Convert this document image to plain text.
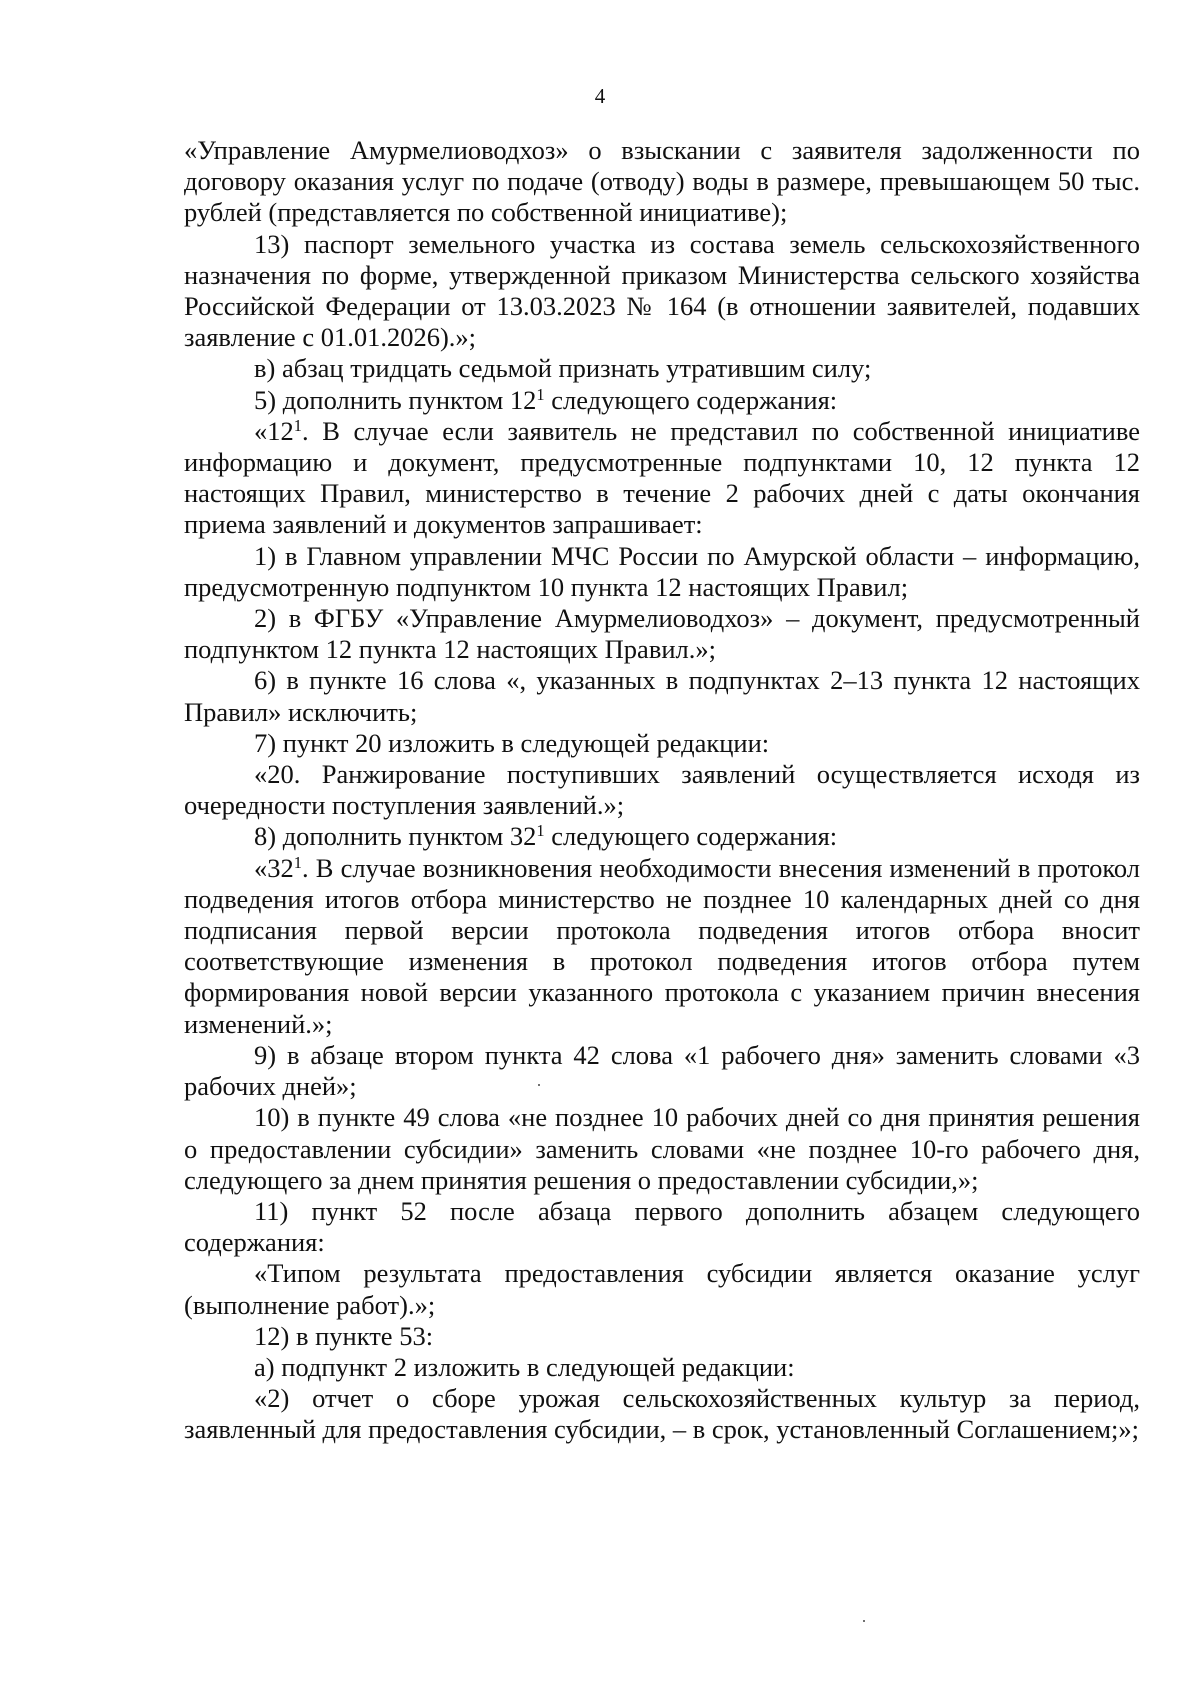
4

«Управление Амурмелиоводхоз» о взыскании с заявителя задолженности по договору оказания услуг по подаче (отводу) воды в размере, превышающем 50 тыс. рублей (представляется по собственной инициативе);

13) паспорт земельного участка из состава земель сельскохозяйственного назначения по форме, утвержденной приказом Министерства сельского хозяйства Российской Федерации от 13.03.2023 № 164 (в отношении заявителей, подавших заявление с 01.01.2026).»;

в) абзац тридцать седьмой признать утратившим силу;

5) дополнить пунктом $12^1$ следующего содержания:

«$12^1$. В случае если заявитель не представил по собственной инициативе информацию и документ, предусмотренные подпунктами 10, 12 пункта 12 настоящих Правил, министерство в течение 2 рабочих дней с даты окончания приема заявлений и документов запрашивает:

1) в Главном управлении МЧС России по Амурской области – информацию, предусмотренную подпунктом 10 пункта 12 настоящих Правил;

2) в ФГБУ «Управление Амурмелиоводхоз» – документ, предусмотренный подпунктом 12 пункта 12 настоящих Правил.»;

6) в пункте 16 слова «, указанных в подпунктах 2–13 пункта 12 настоящих Правил» исключить;

7) пункт 20 изложить в следующей редакции:

«20. Ранжирование поступивших заявлений осуществляется исходя из очередности поступления заявлений.»;

8) дополнить пунктом $32^1$ следующего содержания:

«$32^1$. В случае возникновения необходимости внесения изменений в протокол подведения итогов отбора министерство не позднее 10 календарных дней со дня подписания первой версии протокола подведения итогов отбора вносит соответствующие изменения в протокол подведения итогов отбора путем формирования новой версии указанного протокола с указанием причин внесения изменений.»;

9) в абзаце втором пункта 42 слова «1 рабочего дня» заменить словами «3 рабочих дней»;

10) в пункте 49 слова «не позднее 10 рабочих дней со дня принятия решения о предоставлении субсидии» заменить словами «не позднее 10-го рабочего дня, следующего за днем принятия решения о предоставлении субсидии,»;

11) пункт 52 после абзаца первого дополнить абзацем следующего содержания:

«Типом результата предоставления субсидии является оказание услуг (выполнение работ).»;

12) в пункте 53:

а) подпункт 2 изложить в следующей редакции:

«2) отчет о сборе урожая сельскохозяйственных культур за период, заявленный для предоставления субсидии, – в срок, установленный Соглашением;»;
